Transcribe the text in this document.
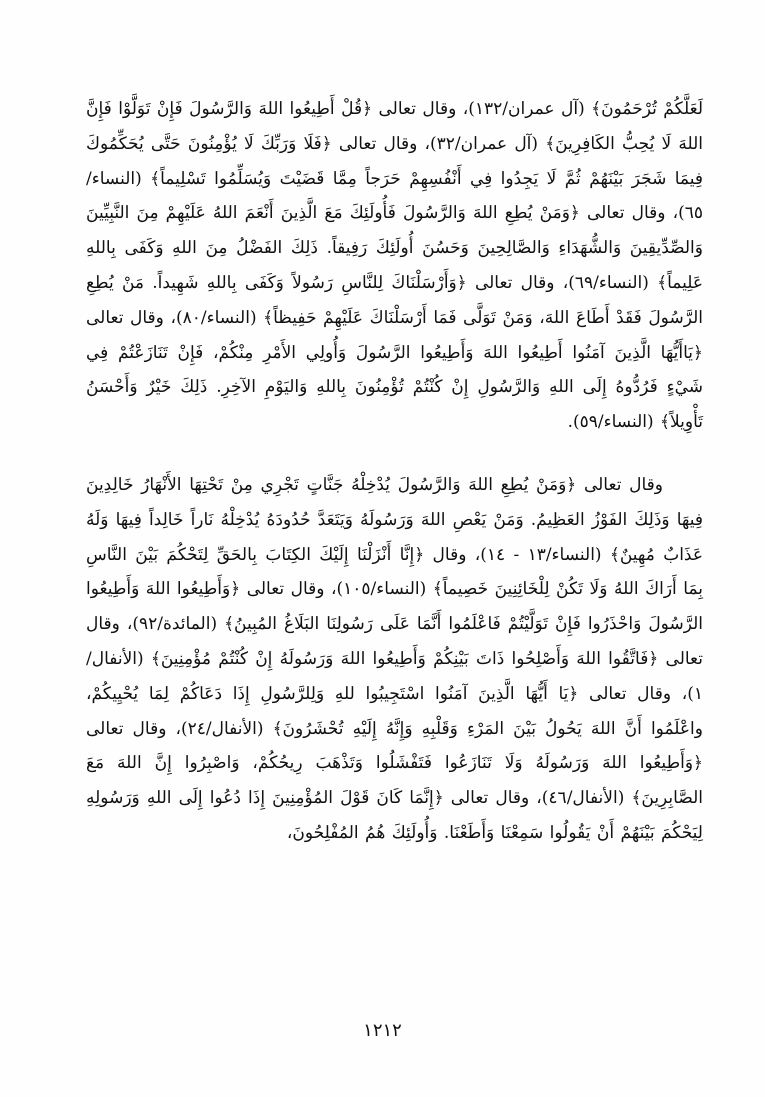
لَعَلَّكُمْ تُرْحَمُونَ﴾ (آل عمران/١٣٢)، وقال تعالى ﴿قُلْ أَطِيعُوا اللهَ وَالرَّسُولَ فَإِنْ تَوَلَّوْا فَإِنَّ اللهَ لَا يُحِبُّ الكَافِرِينَ﴾ (آل عمران/٣٢)، وقال تعالى ﴿فَلَا وَرَبِّكَ لَا يُؤْمِنُونَ حَتَّى يُحَكِّمُوكَ فِيمَا شَجَرَ بَيْنَهُمْ ثُمَّ لَا يَجِدُوا فِي أَنْفُسِهِمْ حَرَجاً مِمَّا قَضَيْتَ وَيُسَلِّمُوا تَسْلِيماً﴾ (النساء/٦٥)، وقال تعالى ﴿وَمَنْ يُطِعِ اللهَ وَالرَّسُولَ فَأُولَئِكَ مَعَ الَّذِينَ أَنْعَمَ اللهُ عَلَيْهِمْ مِنَ النَّبِيِّينَ وَالصِّدِّيقِينَ وَالشُّهَدَاءِ وَالصَّالِحِينَ وَحَسُنَ أُولَئِكَ رَفِيقاً. ذَلِكَ الفَضْلُ مِنَ اللهِ وَكَفَى بِاللهِ عَلِيماً﴾ (النساء/٦٩)، وقال تعالى ﴿وَأَرْسَلْنَاكَ لِلنَّاسِ رَسُولاً وَكَفَى بِاللهِ شَهِيداً. مَنْ يُطِعِ الرَّسُولَ فَقَدْ أَطَاعَ اللهَ، وَمَنْ تَوَلَّى فَمَا أَرْسَلْنَاكَ عَلَيْهِمْ حَفِيظاً﴾ (النساء/٨٠)، وقال تعالى ﴿يَاأَيُّهَا الَّذِينَ آمَنُوا أَطِيعُوا اللهَ وَأَطِيعُوا الرَّسُولَ وَأُولِي الأَمْرِ مِنْكُمْ، فَإِنْ تَنَازَعْتُمْ فِي شَيْءٍ فَرُدُّوهُ إِلَى اللهِ وَالرَّسُولِ إِنْ كُنْتُمْ تُؤْمِنُونَ بِاللهِ وَاليَوْمِ الآخِرِ. ذَلِكَ خَيْرٌ وَأَحْسَنُ تَأْوِيلاً﴾ (النساء/٥٩).

وقال تعالى ﴿وَمَنْ يُطِعِ اللهَ وَالرَّسُولَ يُدْخِلْهُ جَنَّاتٍ تَجْرِي مِنْ تَحْتِهَا الأَنْهَارُ خَالِدِينَ فِيهَا وَذَلِكَ الفَوْزُ العَظِيمُ. وَمَنْ يَعْصِ اللهَ وَرَسُولَهُ وَيَتَعَدَّ حُدُودَهُ يُدْخِلْهُ نَاراً خَالِداً فِيهَا وَلَهُ عَذَابٌ مُهِينٌ﴾ (النساء/١٣ - ١٤)، وقال ﴿إِنَّا أَنْزَلْنَا إِلَيْكَ الكِتَابَ بِالحَقِّ لِتَحْكُمَ بَيْنَ النَّاسِ بِمَا أَرَاكَ اللهُ وَلَا تَكُنْ لِلْخَائِنِينَ خَصِيماً﴾ (النساء/١٠٥)، وقال تعالى ﴿وَأَطِيعُوا اللهَ وَأَطِيعُوا الرَّسُولَ وَاحْذَرُوا فَإِنْ تَوَلَّيْتُمْ فَاعْلَمُوا أَنَّمَا عَلَى رَسُولِنَا البَلَاغُ المُبِينُ﴾ (المائدة/٩٢)، وقال تعالى ﴿فَاتَّقُوا اللهَ وَأَصْلِحُوا ذَاتَ بَيْنِكُمْ وَأَطِيعُوا اللهَ وَرَسُولَهُ إِنْ كُنْتُمْ مُؤْمِنِينَ﴾ (الأنفال/١)، وقال تعالى ﴿يَا أَيُّهَا الَّذِينَ آمَنُوا اسْتَجِيبُوا للهِ وَلِلرَّسُولِ إِذَا دَعَاكُمْ لِمَا يُحْيِيكُمْ، واعْلَمُوا أَنَّ اللهَ يَحُولُ بَيْنَ المَرْءِ وَقَلْبِهِ وَإِنَّهُ إِلَيْهِ تُحْشَرُونَ﴾ (الأنفال/٢٤)، وقال تعالى ﴿وَأَطِيعُوا اللهَ وَرَسُولَهُ وَلَا تَنَازَعُوا فَتَفْشَلُوا وَتَذْهَبَ رِيحُكُمْ، وَاصْبِرُوا إِنَّ اللهَ مَعَ الصَّابِرِينَ﴾ (الأنفال/٤٦)، وقال تعالى ﴿إِنَّمَا كَانَ قَوْلَ المُؤْمِنِينَ إِذَا دُعُوا إِلَى اللهِ وَرَسُولِهِ لِيَحْكُمَ بَيْنَهُمْ أَنْ يَقُولُوا سَمِعْنَا وَأَطَعْنَا. وَأُولَئِكَ هُمُ المُفْلِحُونَ،

١٢١٢
